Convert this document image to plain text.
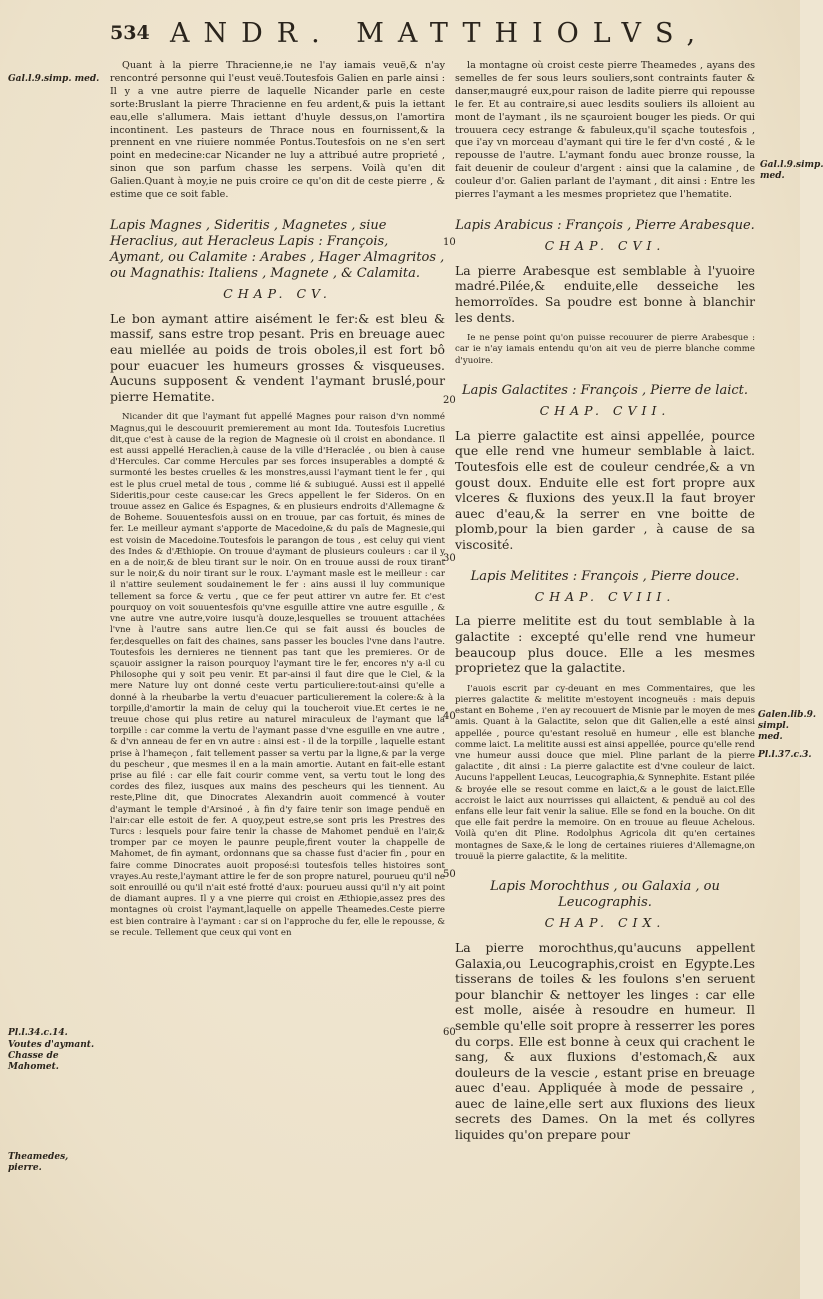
534 ANDR. MATTHIOLVS,
Gal.l.9.simp. med.
Pl.l.34.c.14.
Voutes d'aymant. Chasse de Mahomet.
Theamedes, pierre.
Gal.l.9.simp. med.
Galen.lib.9. simpl. med.
Pl.l.37.c.3.
10
20
30
40
50
60

Quant à la pierre Thracienne,ie ne l'ay iamais veuë,& n'ay rencontré personne qui l'eust veuë.Toutesfois Galien en parle ainsi : Il y a vne autre pierre de laquelle Nicander parle en ceste sorte:Bruslant la pierre Thracienne en feu ardent,& puis la iettant eau,elle s'allumera. Mais iettant d'huyle dessus,on l'amortira incontinent. Les pasteurs de Thrace nous en fournissent,& la prennent en vne riuiere nommée Pontus.Toutesfois on ne s'en sert point en medecine:car Nicander ne luy a attribué autre proprieté , sinon que son parfum chasse les serpens. Voilà qu'en dit Galien.Quant à moy,ie ne puis croire ce qu'on dit de ceste pierre , & estime que ce soit fable.

Lapis Magnes , Sideritis , Magnetes , siue Heraclius, aut Heracleus Lapis : François, Aymant, ou Calamite : Arabes , Hager Almagritos , ou Magnathis: Italiens , Magnete , & Calamita.
CHAP. CV.

Le bon aymant attire aisément le fer:& est bleu & massif, sans estre trop pesant. Pris en breuage auec eau miellée au poids de trois oboles,il est fort bô pour euacuer les humeurs grosses & visqueuses. Aucuns supposent & vendent l'aymant bruslé,pour pierre Hematite.

Nicander dit que l'aymant fut appellé Magnes pour raison d'vn nommé Magnus,qui le descouurit premierement au mont Ida. Toutesfois Lucretius dit,que c'est à cause de la region de Magnesie où il croist en abondance. Il est aussi appellé Heraclien,à cause de la ville d'Heraclée , ou bien à cause d'Hercules. Car comme Hercules par ses forces insuperables a dompté & surmonté les bestes cruelles & les monstres,aussi l'aymant tient le fer , qui est le plus cruel metal de tous , comme lié & subiugué. Aussi est il appellé Sideritis,pour ceste cause:car les Grecs appellent le fer Sideros. On en trouue assez en Galice és Espagnes, & en plusieurs endroits d'Allemagne & de Boheme. Souuentesfois aussi on en trouue, par cas fortuit, és mines de fer. Le meilleur aymant s'apporte de Macedoine,& du païs de Magnesie,qui est voisin de Macedoine.Toutesfois le parangon de tous , est celuy qui vient des Indes & d'Æthiopie. On trouue d'aymant de plusieurs couleurs : car il y en a de noir,& de bleu tirant sur le noir. On en trouue aussi de roux tirant sur le noir,& du noir tirant sur le roux. L'aymant masle est le meilleur : car il n'attire seulement soudainement le fer : ains aussi il luy communique tellement sa force & vertu , que ce fer peut attirer vn autre fer. Et c'est pourquoy on voit souuentesfois qu'vne esguille attire vne autre esguille , & vne autre vne autre,voire iusqu'à douze,lesquelles se trouuent attachées l'vne à l'autre sans autre lien.Ce qui se fait aussi és boucles de fer,desquelles on fait des chaines, sans passer les boucles l'vne dans l'autre. Toutesfois les dernieres ne tiennent pas tant que les premieres. Or de sçauoir assigner la raison pourquoy l'aymant tire le fer, encores n'y a-il cu Philosophe qui y soit peu venir. Et par-ainsi il faut dire que le Ciel, & la mere Nature luy ont donné ceste vertu particuliere:tout-ainsi qu'elle a donné à la rheubarbe la vertu d'euacuer particulierement la colere:& à la torpille,d'amortir la main de celuy qui la toucheroit viue.Et certes ie ne treuue chose qui plus retire au naturel miraculeux de l'aymant que la torpille : car comme la vertu de l'aymant passe d'vne esguille en vne autre , & d'vn anneau de fer en vn autre : ainsi est - il de la torpille , laquelle estant prise à l'hameçon , fait tellement passer sa vertu par la ligne,& par la verge du pescheur , que mesmes il en a la main amortie. Autant en fait-elle estant prise au filé : car elle fait courir comme vent, sa vertu tout le long des cordes des filez, iusques aux mains des pescheurs qui les tiennent. Au reste,Pline dit, que Dinocrates Alexandrin auoit commencé à vouter d'aymant le temple d'Arsinoé , à fin d'y faire tenir son image penduë en l'air:car elle estoit de fer. A quoy,peut estre,se sont pris les Prestres des Turcs : lesquels pour faire tenir la chasse de Mahomet penduë en l'air,& tromper par ce moyen le paunre peuple,firent vouter la chappelle de Mahomet, de fin aymant, ordonnans que sa chasse fust d'acier fin , pour en faire comme Dinocrates auoit proposé:si toutesfois telles histoires sont vrayes.Au reste,l'aymant attire le fer de son propre naturel, pourueu qu'il ne soit enrouillé ou qu'il n'ait esté frotté d'aux: pourueu aussi qu'il n'y ait point de diamant aupres. Il y a vne pierre qui croist en Æthiopie,assez pres des montagnes où croist l'aymant,laquelle on appelle Theamedes.Ceste pierre est bien contraire à l'aymant : car si on l'approche du fer, elle le repousse, & se recule. Tellement que ceux qui vont en

la montagne où croist ceste pierre Theamedes , ayans des semelles de fer sous leurs souliers,sont contraints fauter & danser,maugré eux,pour raison de ladite pierre qui repousse le fer. Et au contraire,si auec lesdits souliers ils alloient au mont de l'aymant , ils ne sçauroient bouger les pieds. Or qui trouuera cecy estrange & fabuleux,qu'il sçache toutesfois , que i'ay vn morceau d'aymant qui tire le fer d'vn costé , & le repousse de l'autre. L'aymant fondu auec bronze rousse, la fait deuenir de couleur d'argent : ainsi que la calamine , de couleur d'or. Galien parlant de l'aymant , dit ainsi : Entre les pierres l'aymant a les mesmes proprietez que l'hematite.

Lapis Arabicus : François , Pierre Arabesque.
CHAP. CVI.

La pierre Arabesque est semblable à l'yuoire madré.Pilée,& enduite,elle desseiche les hemorroïdes. Sa poudre est bonne à blanchir les dents.

Ie ne pense point qu'on puisse recouurer de pierre Arabesque : car ie n'ay iamais entendu qu'on ait veu de pierre blanche comme d'yuoire.

Lapis Galactites : François , Pierre de laict.
CHAP. CVII.

La pierre galactite est ainsi appellée, pource que elle rend vne humeur semblable à laict. Toutesfois elle est de couleur cendrée,& a vn goust doux. Enduite elle est fort propre aux vlceres & fluxions des yeux.Il la faut broyer auec d'eau,& la serrer en vne boitte de plomb,pour la bien garder , à cause de sa viscosité.

Lapis Melitites : François , Pierre douce.
CHAP. CVIII.

La pierre melitite est du tout semblable à la galactite : excepté qu'elle rend vne humeur beaucoup plus douce. Elle a les mesmes proprietez que la galactite.

I'auois escrit par cy-deuant en mes Commentaires, que les pierres galactite & melitite m'estoyent incogneuës : mais depuis estant en Boheme , i'en ay recouuert de Misnie par le moyen de mes amis. Quant à la Galactite, selon que dit Galien,elle a esté ainsi appellée , pource qu'estant resoluë en humeur , elle est blanche comme laict. La melitite aussi est ainsi appellée, pource qu'elle rend vne humeur aussi douce que miel. Pline parlant de la pierre galactite , dit ainsi : La pierre galactite est d'vne couleur de laict. Aucuns l'appellent Leucas, Leucographia,& Synnephite. Estant pilée & broyée elle se resout comme en laict,& a le goust de laict.Elle accroist le laict aux nourrisses qui allaictent, & penduë au col des enfans elle leur fait venir la saliue. Elle se fond en la bouche. On dit que elle fait perdre la memoire. On en trouue au fleuue Achelous. Voilà qu'en dit Pline. Rodolphus Agricola dit qu'en certaines montagnes de Saxe,& le long de certaines riuieres d'Allemagne,on trouuë la pierre galactite, & la melitite.

Lapis Morochthus , ou Galaxia , ou Leucographis.
CHAP. CIX.

La pierre morochthus,qu'aucuns appellent Galaxia,ou Leucographis,croist en Egypte.Les tisserans de toiles & les foulons s'en seruent pour blanchir & nettoyer les linges : car elle est molle, aisée à resoudre en humeur. Il semble qu'elle soit propre à resserrer les pores du corps. Elle est bonne à ceux qui crachent le sang, & aux fluxions d'estomach,& aux douleurs de la vescie , estant prise en breuage auec d'eau. Appliquée à mode de pessaire , auec de laine,elle sert aux fluxions des lieux secrets des Dames. On la met és collyres liquides qu'on prepare pour
